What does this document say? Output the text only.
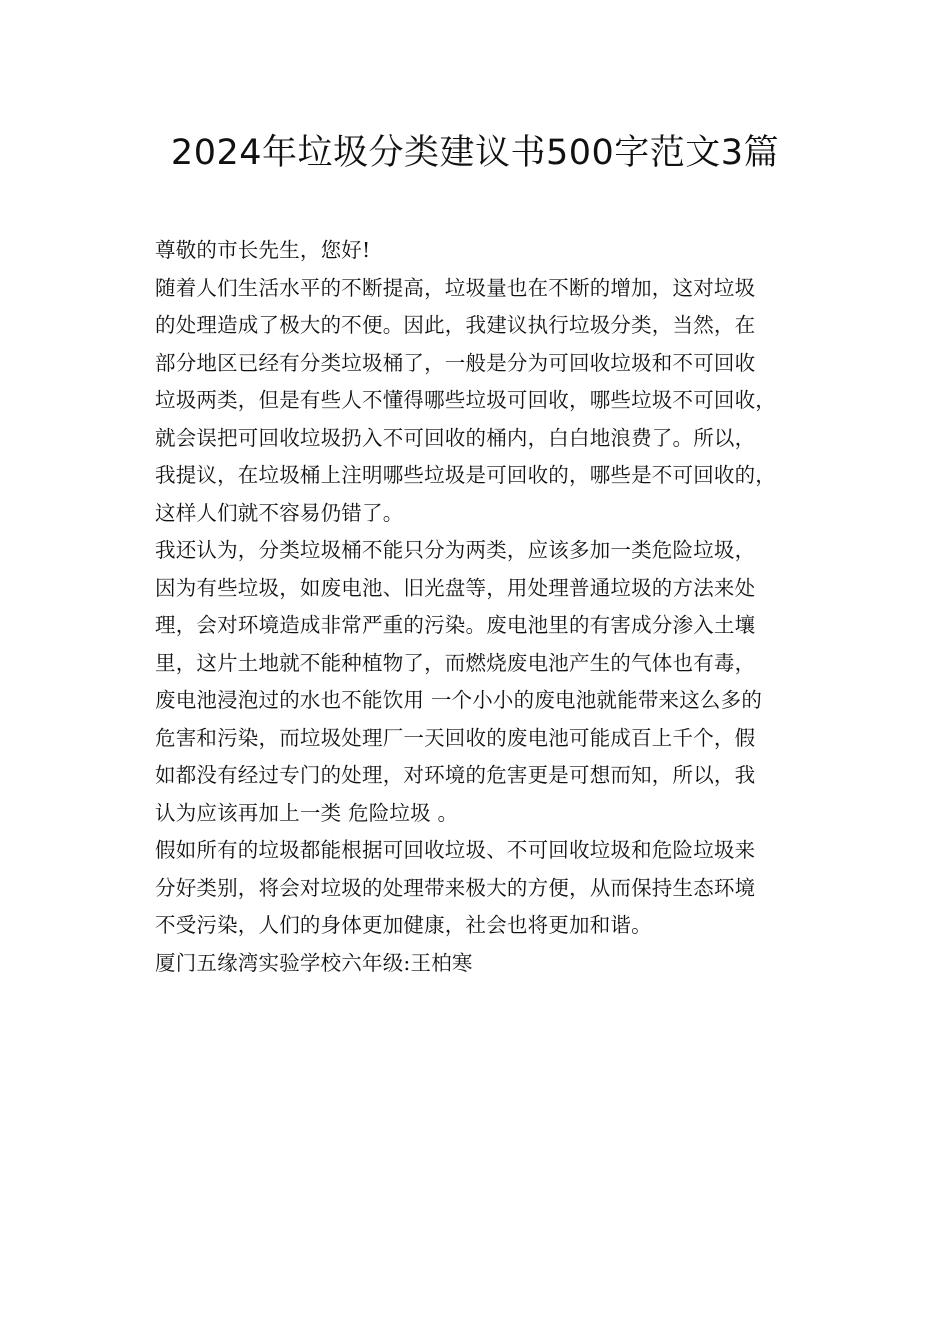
2024年垃圾分类建议书500字范文3篇

尊敬的市长先生，您好!

随着人们生活水平的不断提高，垃圾量也在不断的增加，这对垃圾
的处理造成了极大的不便。因此，我建议执行垃圾分类，当然，在
部分地区已经有分类垃圾桶了，一般是分为可回收垃圾和不可回收
垃圾两类，但是有些人不懂得哪些垃圾可回收，哪些垃圾不可回收，
就会误把可回收垃圾扔入不可回收的桶内，白白地浪费了。所以，
我提议，在垃圾桶上注明哪些垃圾是可回收的，哪些是不可回收的，
这样人们就不容易仍错了。

我还认为，分类垃圾桶不能只分为两类，应该多加一类危险垃圾，
因为有些垃圾，如废电池、旧光盘等，用处理普通垃圾的方法来处
理，会对环境造成非常严重的污染。废电池里的有害成分渗入土壤
里，这片土地就不能种植物了，而燃烧废电池产生的气体也有毒，
废电池浸泡过的水也不能饮用 一个小小的废电池就能带来这么多的
危害和污染，而垃圾处理厂一天回收的废电池可能成百上千个，假
如都没有经过专门的处理，对环境的危害更是可想而知，所以，我
认为应该再加上一类 危险垃圾 。

假如所有的垃圾都能根据可回收垃圾、不可回收垃圾和危险垃圾来
分好类别，将会对垃圾的处理带来极大的方便，从而保持生态环境
不受污染，人们的身体更加健康，社会也将更加和谐。

厦门五缘湾实验学校六年级:王柏寒
